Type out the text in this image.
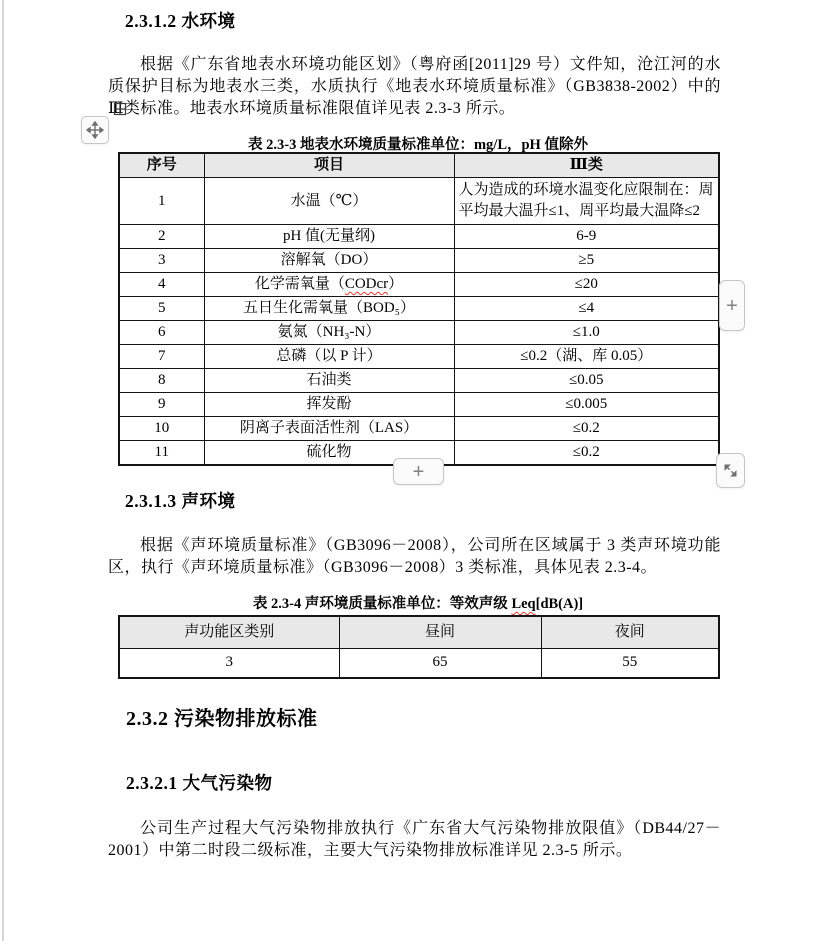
2.3.1.2 水环境
根据《广东省地表水环境功能区划》（粤府函[2011]29 号）文件知，沧江河的水质保护目标为地表水三类，水质执行《地表水环境质量标准》（GB3838-2002）中的Ⅲ类标准。地表水环境质量标准限值详见表 2.3-3 所示。
表 2.3-3 地表水环境质量标准单位：mg/L，pH 值除外
序号	项目	Ⅲ类
1	水温（℃）	人为造成的环境水温变化应限制在：周平均最大温升≤1、周平均最大温降≤2
2	pH 值(无量纲)	6-9
3	溶解氧（DO）	≥5
4	化学需氧量（CODcr）	≤20
5	五日生化需氧量（BOD₅）	≤4
6	氨氮（NH₃-N）	≤1.0
7	总磷（以 P 计）	≤0.2（湖、库 0.05）
8	石油类	≤0.05
9	挥发酚	≤0.005
10	阴离子表面活性剂（LAS）	≤0.2
11	硫化物	≤0.2
+
+
2.3.1.3 声环境
根据《声环境质量标准》（GB3096－2008），公司所在区域属于 3 类声环境功能区，执行《声环境质量标准》（GB3096－2008）3 类标准，具体见表 2.3-4。
表 2.3-4 声环境质量标准单位：等效声级 Leq[dB(A)]
声功能区类别	昼间	夜间
3	65	55
2.3.2 污染物排放标准
2.3.2.1 大气污染物
公司生产过程大气污染物排放执行《广东省大气污染物排放限值》（DB44/27－2001）中第二时段二级标准，主要大气污染物排放标准详见 2.3-5 所示。
